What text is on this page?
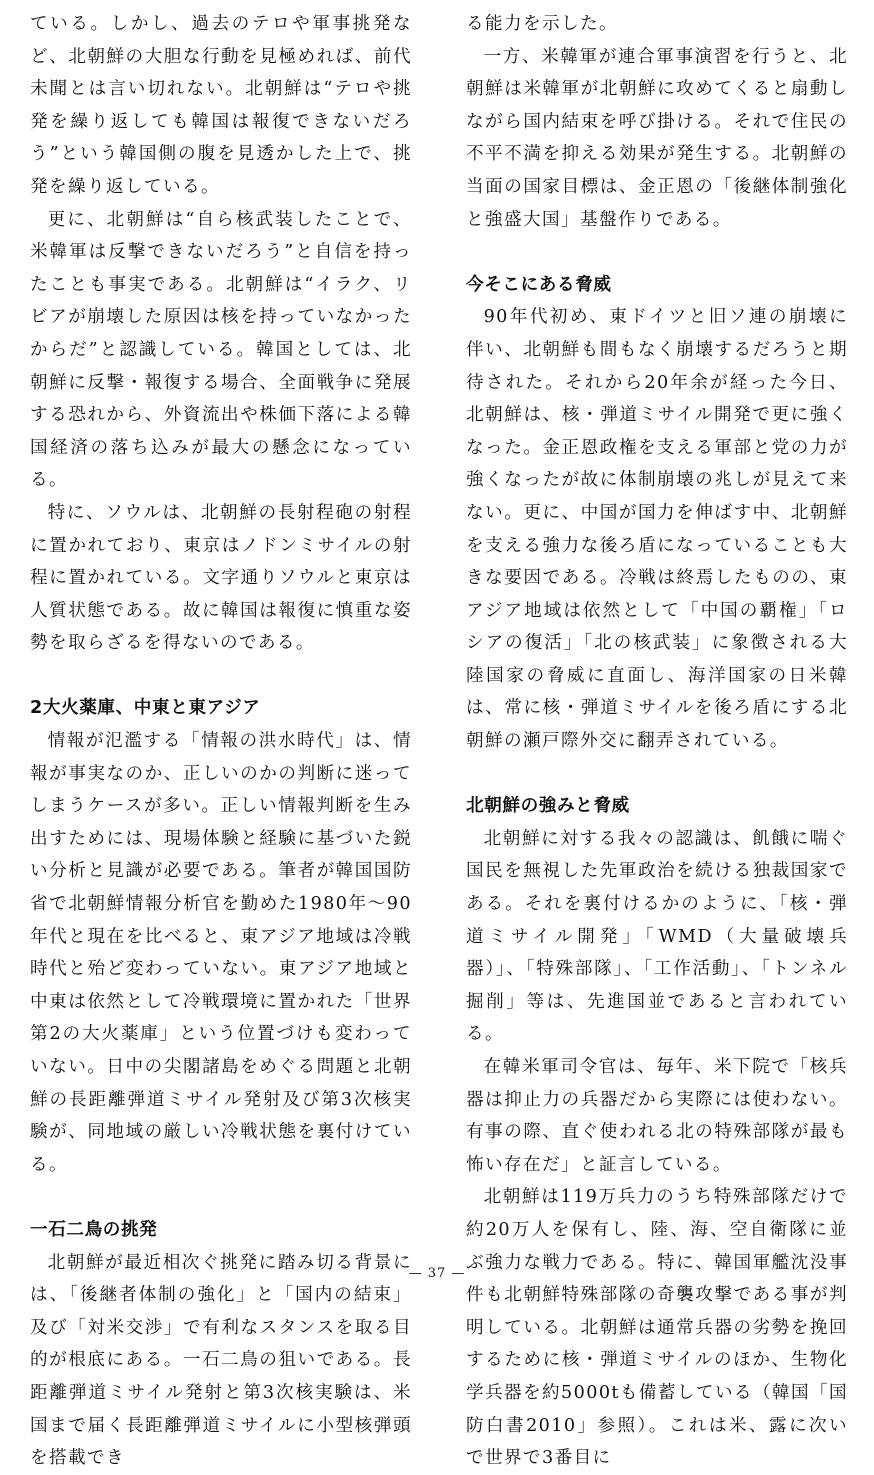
ている。しかし、過去のテロや軍事挑発など、北朝鮮の大胆な行動を見極めれば、前代未聞とは言い切れない。北朝鮮は“テロや挑発を繰り返しても韓国は報復できないだろう”という韓国側の腹を見透かした上で、挑発を繰り返している。

更に、北朝鮮は“自ら核武装したことで、米韓軍は反撃できないだろう”と自信を持ったことも事実である。北朝鮮は“イラク、リビアが崩壊した原因は核を持っていなかったからだ”と認識している。韓国としては、北朝鮮に反撃・報復する場合、全面戦争に発展する恐れから、外資流出や株価下落による韓国経済の落ち込みが最大の懸念になっている。

特に、ソウルは、北朝鮮の長射程砲の射程に置かれており、東京はノドンミサイルの射程に置かれている。文字通りソウルと東京は人質状態である。故に韓国は報復に慎重な姿勢を取らざるを得ないのである。

2大火薬庫、中東と東アジア

情報が氾濫する「情報の洪水時代」は、情報が事実なのか、正しいのかの判断に迷ってしまうケースが多い。正しい情報判断を生み出すためには、現場体験と経験に基づいた鋭い分析と見識が必要である。筆者が韓国国防省で北朝鮮情報分析官を勤めた1980年～90年代と現在を比べると、東アジア地域は冷戦時代と殆ど変わっていない。東アジア地域と中東は依然として冷戦環境に置かれた「世界第2の大火薬庫」という位置づけも変わっていない。日中の尖閣諸島をめぐる問題と北朝鮮の長距離弾道ミサイル発射及び第3次核実験が、同地域の厳しい冷戦状態を裏付けている。

一石二鳥の挑発

北朝鮮が最近相次ぐ挑発に踏み切る背景には、「後継者体制の強化」と「国内の結束」及び「対米交渉」で有利なスタンスを取る目的が根底にある。一石二鳥の狙いである。長距離弾道ミサイル発射と第3次核実験は、米国まで届く長距離弾道ミサイルに小型核弾頭を搭載でき

る能力を示した。

一方、米韓軍が連合軍事演習を行うと、北朝鮮は米韓軍が北朝鮮に攻めてくると扇動しながら国内結束を呼び掛ける。それで住民の不平不満を抑える効果が発生する。北朝鮮の当面の国家目標は、金正恩の「後継体制強化と強盛大国」基盤作りである。

今そこにある脅威

90年代初め、東ドイツと旧ソ連の崩壊に伴い、北朝鮮も間もなく崩壊するだろうと期待された。それから20年余が経った今日、北朝鮮は、核・弾道ミサイル開発で更に強くなった。金正恩政権を支える軍部と党の力が強くなったが故に体制崩壊の兆しが見えて来ない。更に、中国が国力を伸ばす中、北朝鮮を支える強力な後ろ盾になっていることも大きな要因である。冷戦は終焉したものの、東アジア地域は依然として「中国の覇権」「ロシアの復活」「北の核武装」に象徴される大陸国家の脅威に直面し、海洋国家の日米韓は、常に核・弾道ミサイルを後ろ盾にする北朝鮮の瀬戸際外交に翻弄されている。

北朝鮮の強みと脅威

北朝鮮に対する我々の認識は、飢餓に喘ぐ国民を無視した先軍政治を続ける独裁国家である。それを裏付けるかのように、「核・弾道ミサイル開発」「WMD（大量破壊兵器）」、「特殊部隊」、「工作活動」、「トンネル掘削」等は、先進国並であると言われている。

在韓米軍司令官は、毎年、米下院で「核兵器は抑止力の兵器だから実際には使わない。有事の際、直ぐ使われる北の特殊部隊が最も怖い存在だ」と証言している。

北朝鮮は119万兵力のうち特殊部隊だけで約20万人を保有し、陸、海、空自衛隊に並ぶ強力な戦力である。特に、韓国軍艦沈没事件も北朝鮮特殊部隊の奇襲攻撃である事が判明している。北朝鮮は通常兵器の劣勢を挽回するために核・弾道ミサイルのほか、生物化学兵器を約5000tも備蓄している（韓国「国防白書2010」参照）。これは米、露に次いで世界で3番目に

— 37 —
